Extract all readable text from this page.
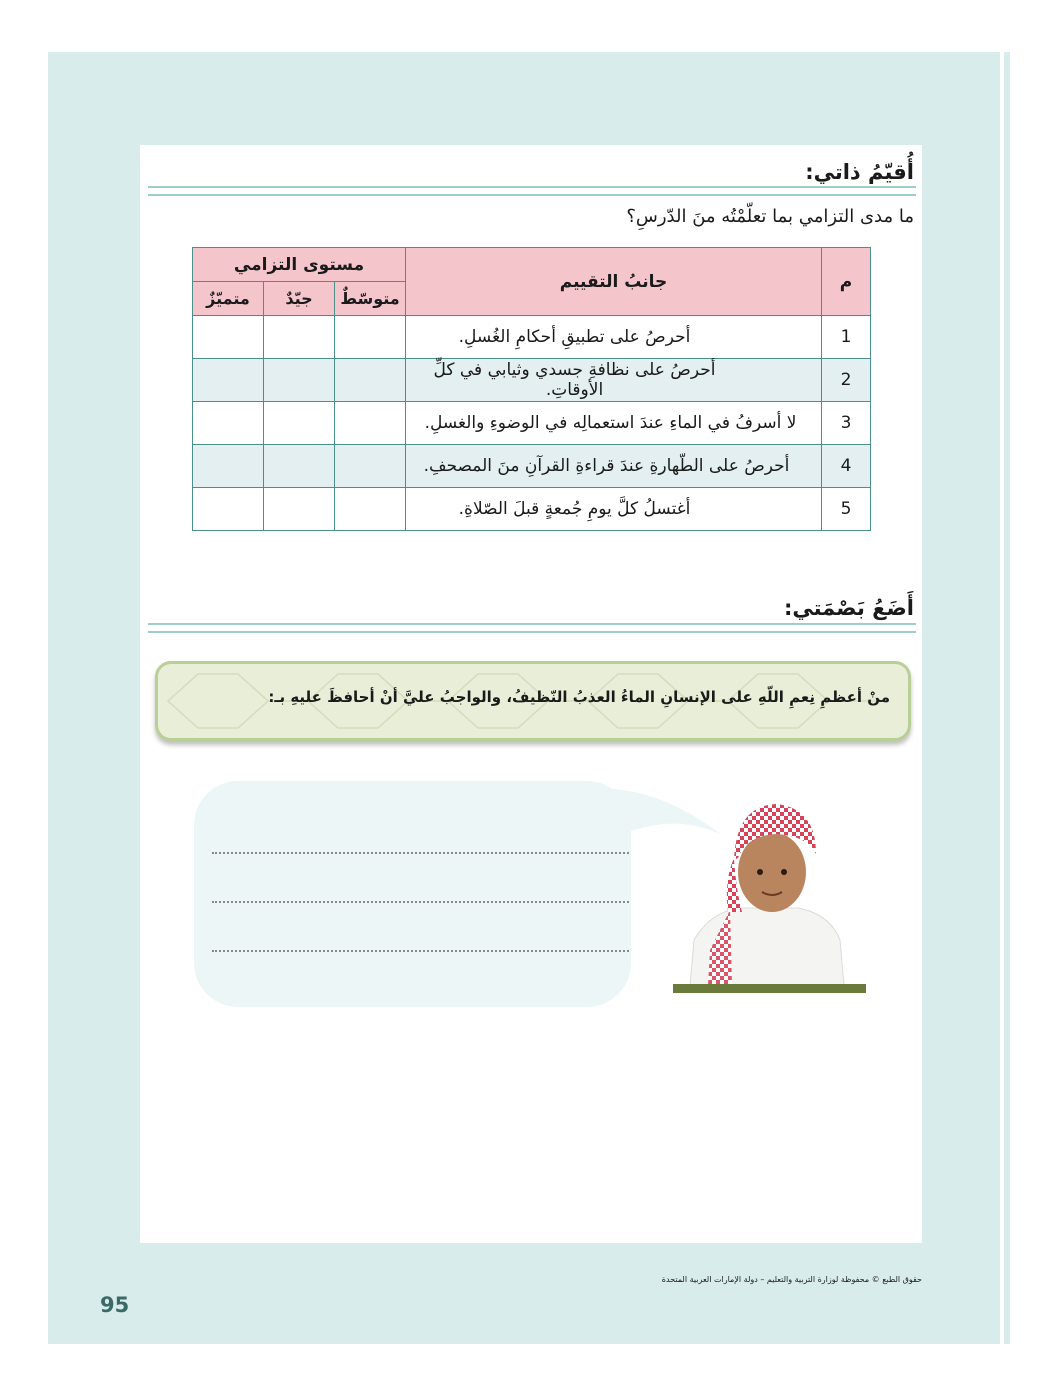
أُقيّمُ ذاتي:
ما مدى التزامي بما تعلّمْتُه منَ الدّرسِ؟
م	جانبُ التقييم	مستوى التزامي		
		متوسّطٌ	جيّدٌ	متميّزٌ
1	أحرصُ على تطبيقِ أحكامِ الغُسلِ.			
2	أحرصُ على نظافةِ جسدي وثيابي في كلِّ الأوقاتِ.			
3	لا أسرفُ في الماءِ عندَ استعمالِه في الوضوءِ والغسلِ.			
4	أحرصُ على الطّهارةِ عندَ قراءةِ القرآنِ منَ المصحفِ.			
5	أغتسلُ كلَّ يومِ جُمعةٍ قبلَ الصّلاةِ.			
أَضَعُ بَصْمَتي:
منْ أعظمِ نِعمِ اللّهِ على الإنسانِ الماءُ العذبُ النّظيفُ، والواجبُ عليَّ أنْ أحافظَ عليهِ بـ:
حقوق الطبع © محفوظة لوزارة التربية والتعليم – دولة الإمارات العربية المتحدة
95
